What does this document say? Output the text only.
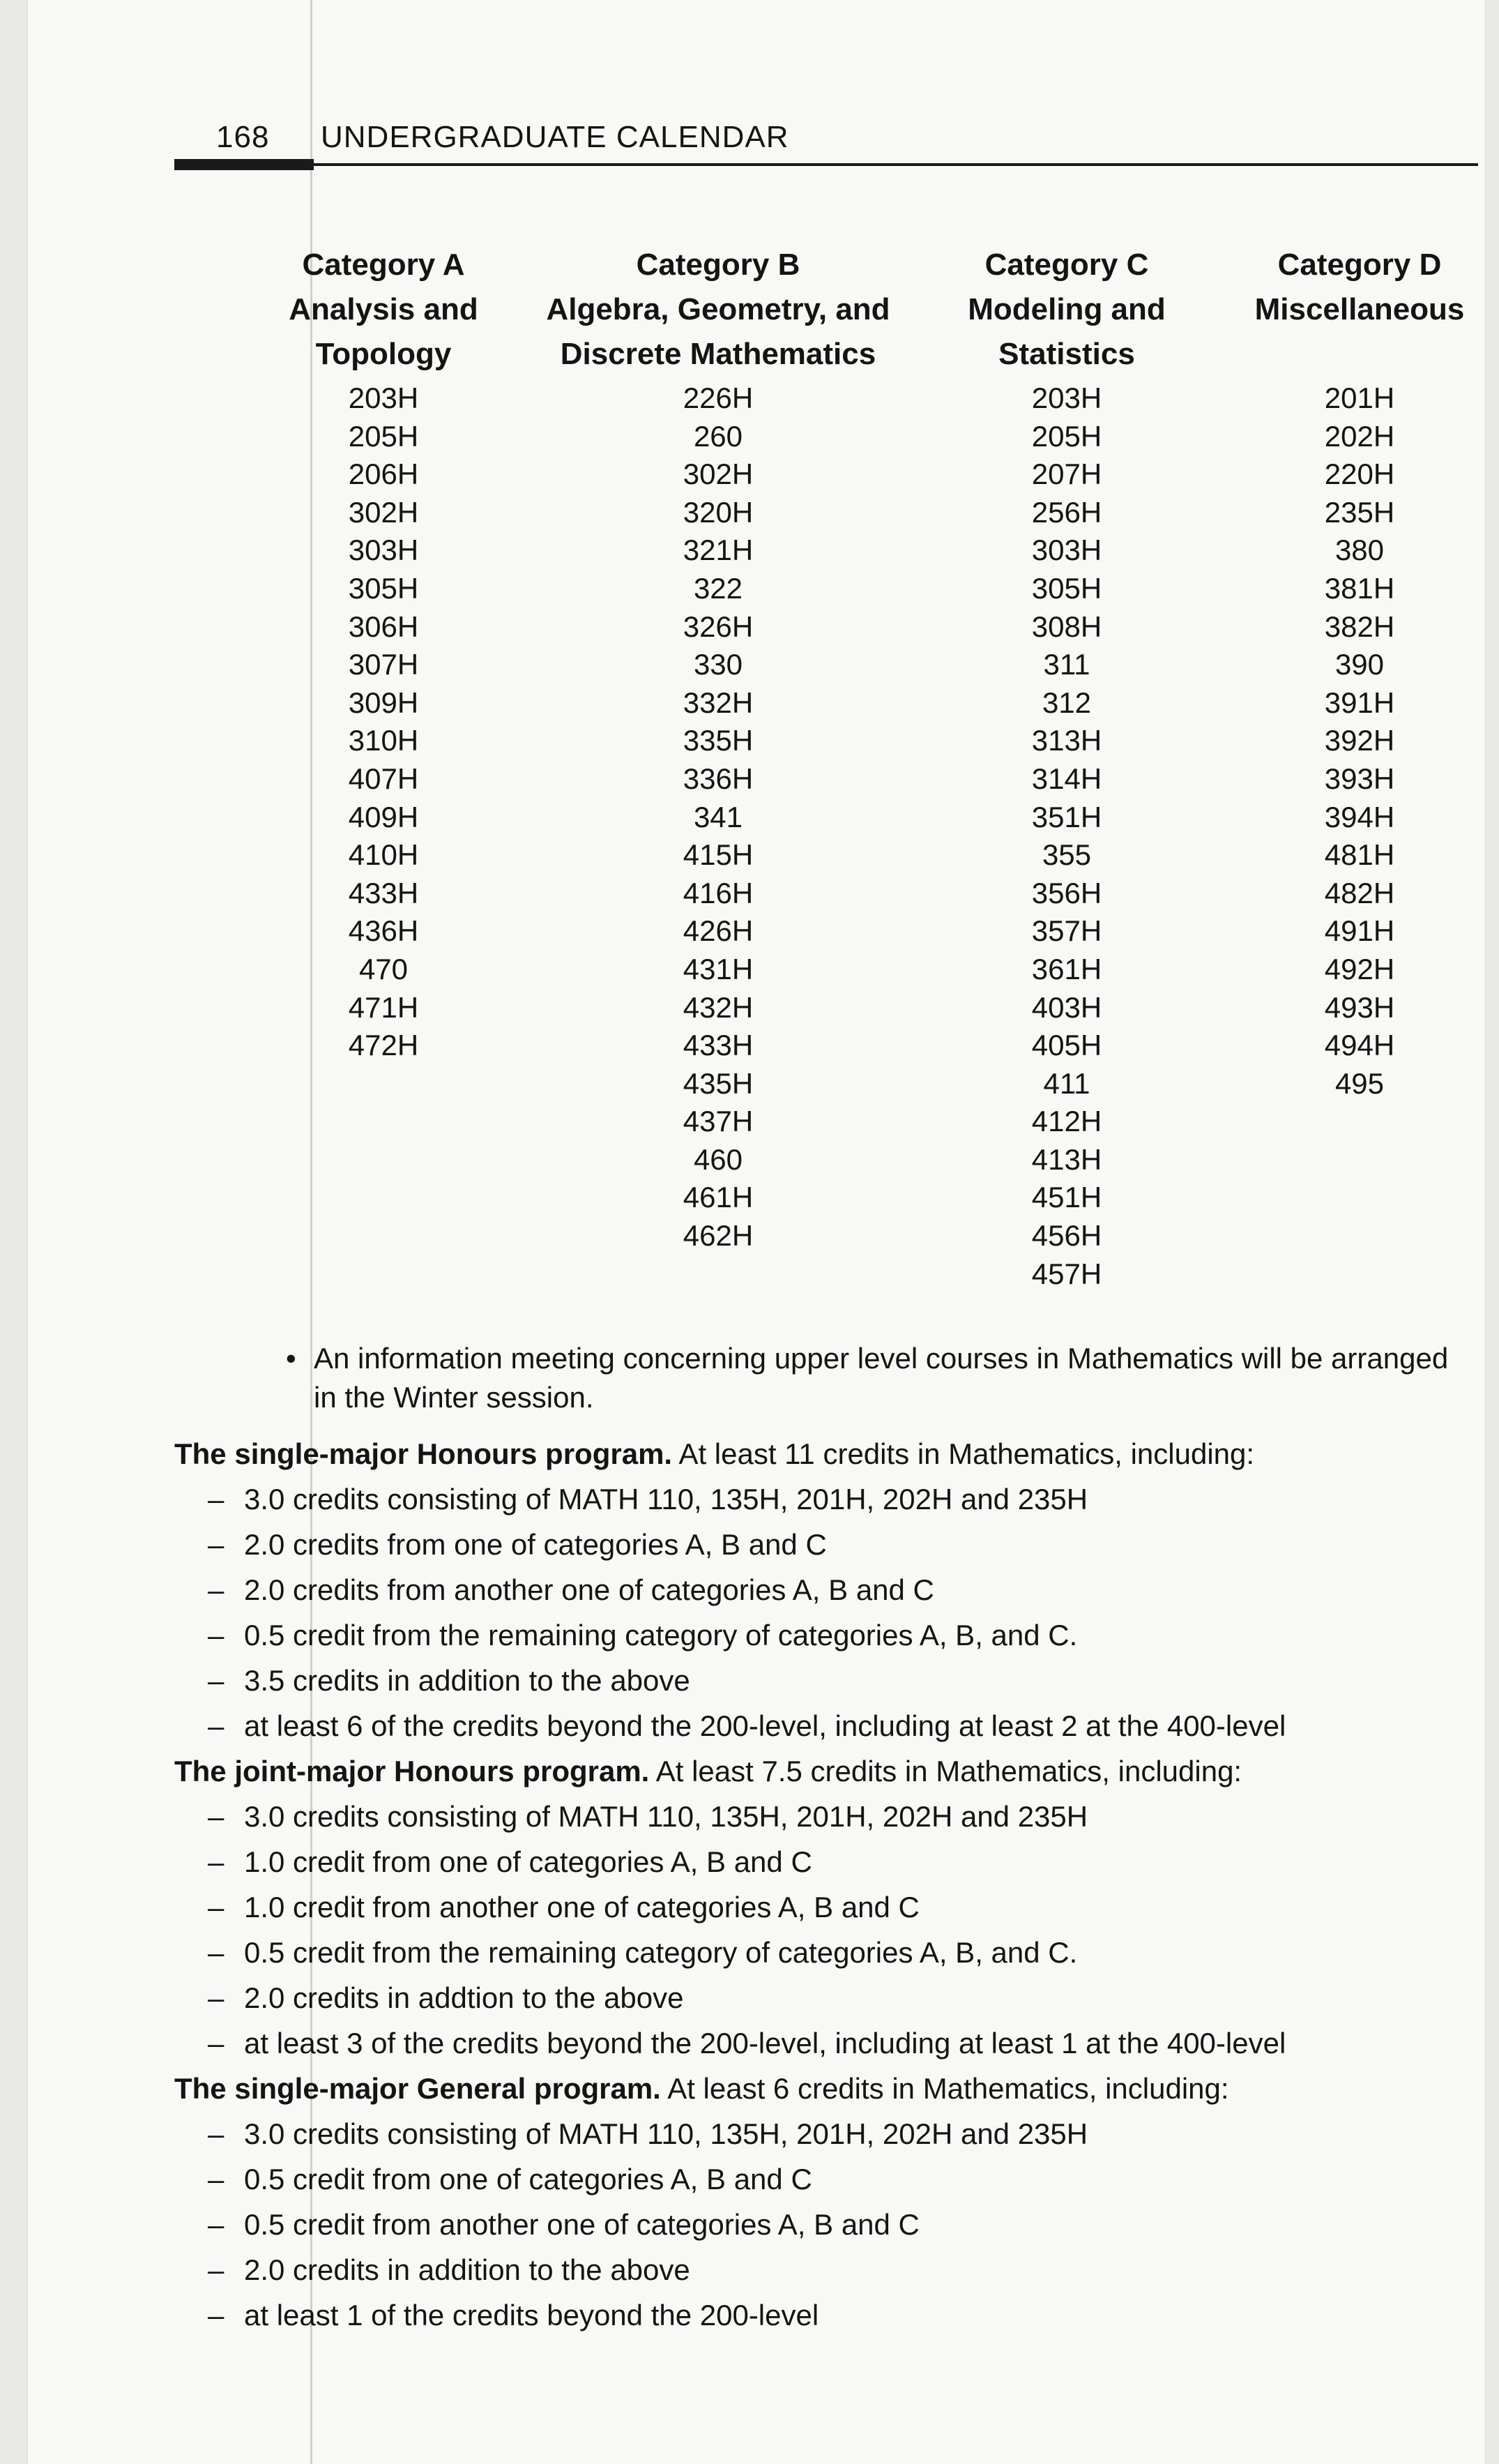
168 UNDERGRADUATE CALENDAR
Category A
Analysis and
Topology
203H
205H
206H
302H
303H
305H
306H
307H
309H
310H
407H
409H
410H
433H
436H
470
471H
472H
Category B
Algebra, Geometry, and
Discrete Mathematics
226H
260
302H
320H
321H
322
326H
330
332H
335H
336H
341
415H
416H
426H
431H
432H
433H
435H
437H
460
461H
462H
Category C
Modeling and
Statistics
203H
205H
207H
256H
303H
305H
308H
311
312
313H
314H
351H
355
356H
357H
361H
403H
405H
411
412H
413H
451H
456H
457H
Category D
Miscellaneous

201H
202H
220H
235H
380
381H
382H
390
391H
392H
393H
394H
481H
482H
491H
492H
493H
494H
495
• An information meeting concerning upper level courses in Mathematics will be arranged in the Winter session.
The single-major Honours program. At least 11 credits in Mathematics, including:
– 3.0 credits consisting of MATH 110, 135H, 201H, 202H and 235H
– 2.0 credits from one of categories A, B and C
– 2.0 credits from another one of categories A, B and C
– 0.5 credit from the remaining category of categories A, B, and C.
– 3.5 credits in addition to the above
– at least 6 of the credits beyond the 200-level, including at least 2 at the 400-level
The joint-major Honours program. At least 7.5 credits in Mathematics, including:
– 3.0 credits consisting of MATH 110, 135H, 201H, 202H and 235H
– 1.0 credit from one of categories A, B and C
– 1.0 credit from another one of categories A, B and C
– 0.5 credit from the remaining category of categories A, B, and C.
– 2.0 credits in addtion to the above
– at least 3 of the credits beyond the 200-level, including at least 1 at the 400-level
The single-major General program. At least 6 credits in Mathematics, including:
– 3.0 credits consisting of MATH 110, 135H, 201H, 202H and 235H
– 0.5 credit from one of categories A, B and C
– 0.5 credit from another one of categories A, B and C
– 2.0 credits in addition to the above
– at least 1 of the credits beyond the 200-level
